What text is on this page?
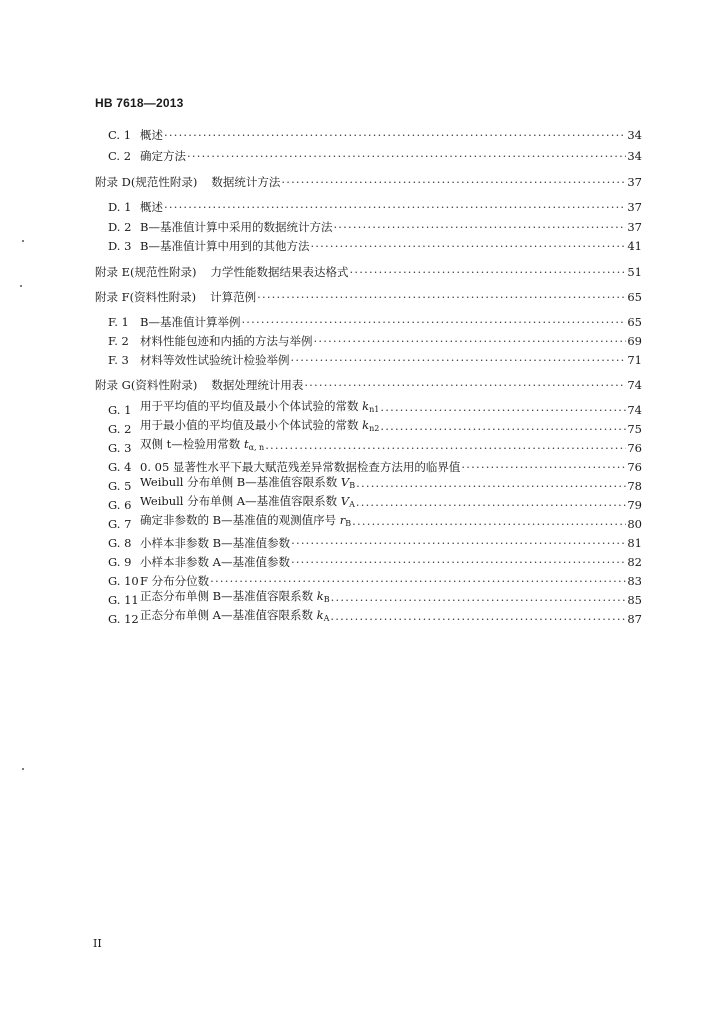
HB 7618—2013
C. 1 概述 ·····	34
C. 2 确定方法 ·····	34
附录 D(规范性附录) 数据统计方法 ·····	37
D. 1 概述 ·····	37
D. 2 B—基准值计算中采用的数据统计方法 ·····	37
D. 3 B—基准值计算中用到的其他方法 ·····	41
附录 E(规范性附录) 力学性能数据结果表达格式 ·····	51
附录 F(资料性附录) 计算范例 ·····	65
F. 1 B—基准值计算举例 ·····	65
F. 2 材料性能包迹和内插的方法与举例 ·····	69
F. 3 材料等效性试验统计检验举例 ·····	71
附录 G(资料性附录) 数据处理统计用表 ·····	74
G. 1 用于平均值的平均值及最小个体试验的常数 $k_{n1}$ ·····	74
G. 2 用于最小值的平均值及最小个体试验的常数 $k_{n2}$ ·····	75
G. 3 双侧 t—检验用常数 $t_{\alpha, n}$ ·····	76
G. 4 0. 05 显著性水平下最大赋范残差异常数据检查方法用的临界值 ·····	76
G. 5 Weibull 分布单侧 B—基准值容限系数 $V_B$ ·····	78
G. 6 Weibull 分布单侧 A—基准值容限系数 $V_A$ ·····	79
G. 7 确定非参数的 B—基准值的观测值序号 $r_B$ ·····	80
G. 8 小样本非参数 B—基准值参数 ·····	81
G. 9 小样本非参数 A—基准值参数 ·····	82
G. 10 F 分布分位数 ·····	83
G. 11 正态分布单侧 B—基准值容限系数 $k_B$ ·····	85
G. 12 正态分布单侧 A—基准值容限系数 $k_A$ ·····	87
II
